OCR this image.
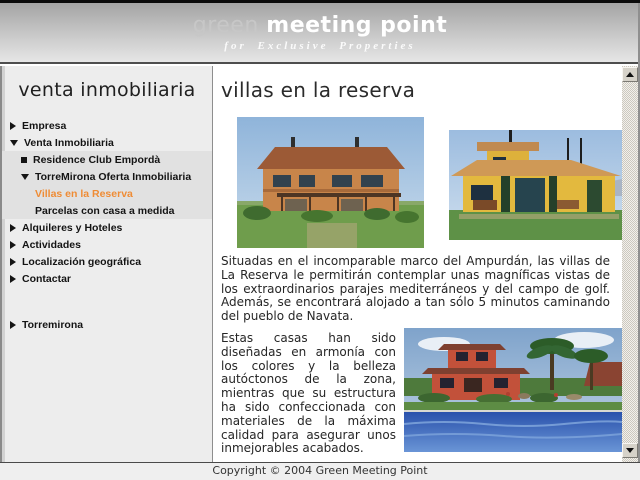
green meeting point
for Exclusive Properties
venta inmobiliaria
Empresa
Venta Inmobiliaria
Residence Club Empordà
TorreMirona Oferta Inmobiliaria
Villas en la Reserva
Parcelas con casa a medida
Alquileres y Hoteles
Actividades
Localización geográfica
Contactar
Torremirona
villas en la reserva

Situadas en el incomparable marco del Ampurdán, las villas de La Reserva le permitirán contemplar unas magníficas vistas de los extraordinarios parajes mediterráneos y del campo de golf. Además, se encontrará alojado a tan sólo 5 minutos caminando del pueblo de Navata.

Estas casas han sido diseñadas en armonía con los colores y la belleza autóctonos de la zona, mientras que su estructura ha sido confeccionada con materiales de la máxima calidad para asegurar unos inmejorables acabados.

Copyright © 2004 Green Meeting Point
